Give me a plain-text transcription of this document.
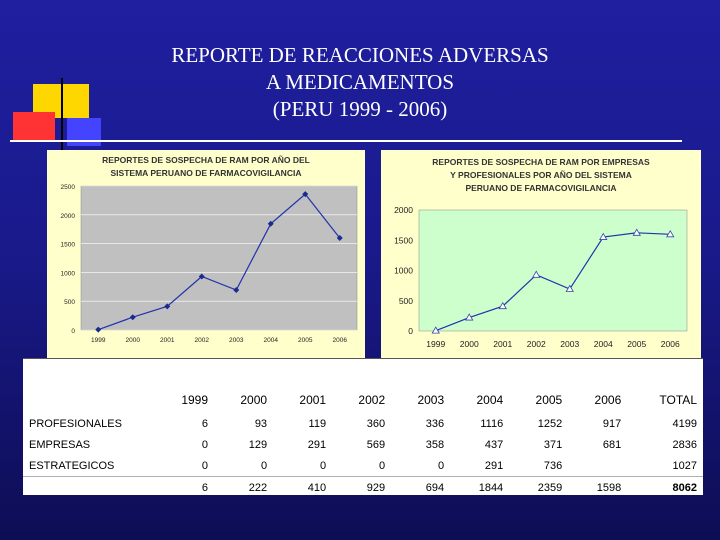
REPORTE DE REACCIONES ADVERSAS
A MEDICAMENTOS
(PERU 1999 - 2006)
REPORTES DE SOSPECHA DE RAM POR AÑO DEL
SISTEMA PERUANO DE FARMACOVIGILANCIA
0
500
1000
1500
2000
2500
1999	2000	2001	2002	2003	2004	2005	2006
REPORTES DE SOSPECHA DE RAM POR EMPRESAS
Y PROFESIONALES POR AÑO DEL SISTEMA
PERUANO DE FARMACOVIGILANCIA
0
500
1000
1500
2000
1999 2000 2001 2002 2003 2004 2005 2006
	1999	2000	2001	2002	2003	2004	2005	2006	TOTAL
PROFESIONALES	6	93	119	360	336	1116	1252	917	4199
EMPRESAS	0	129	291	569	358	437	371	681	2836
ESTRATEGICOS	0	0	0	0	0	291	736		1027
	6	222	410	929	694	1844	2359	1598	8062
